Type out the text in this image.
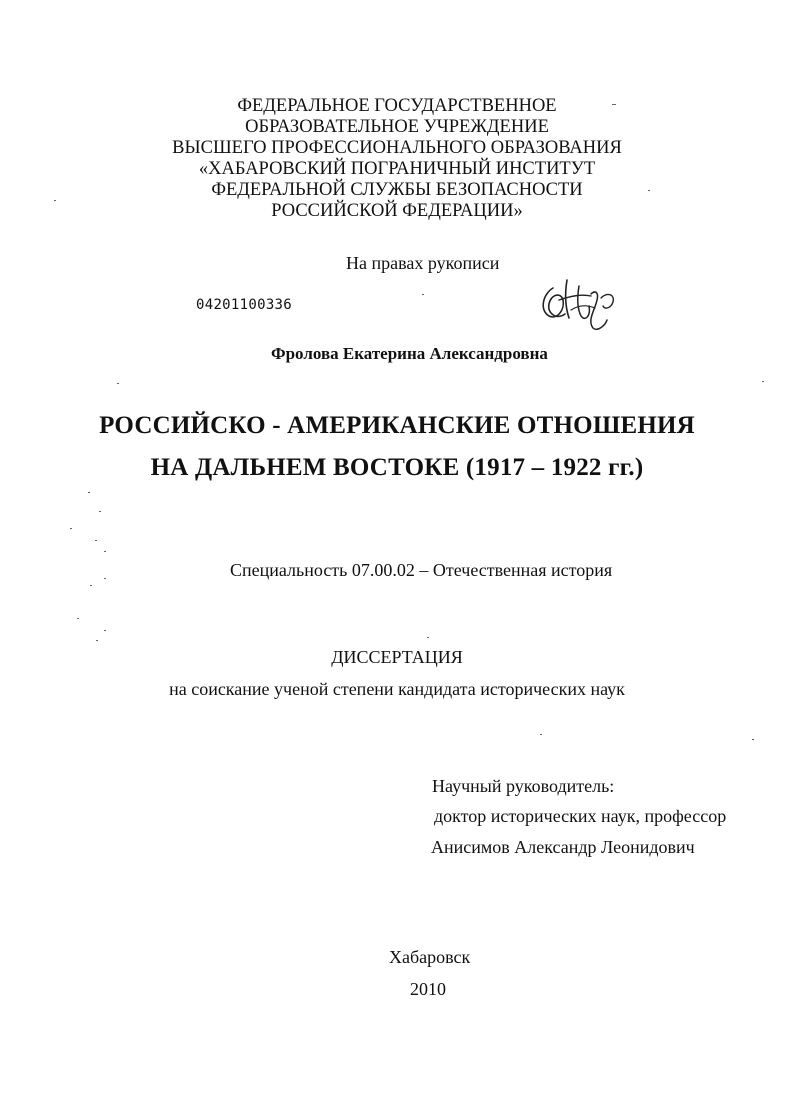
ФЕДЕРАЛЬНОЕ ГОСУДАРСТВЕННОЕ
ОБРАЗОВАТЕЛЬНОЕ УЧРЕЖДЕНИЕ
ВЫСШЕГО ПРОФЕССИОНАЛЬНОГО ОБРАЗОВАНИЯ
«ХАБАРОВСКИЙ ПОГРАНИЧНЫЙ ИНСТИТУТ
ФЕДЕРАЛЬНОЙ СЛУЖБЫ БЕЗОПАСНОСТИ
РОССИЙСКОЙ ФЕДЕРАЦИИ»
На правах рукописи
04201100336
Фролова Екатерина Александровна
РОССИЙСКО - АМЕРИКАНСКИЕ ОТНОШЕНИЯ
НА ДАЛЬНЕМ ВОСТОКЕ (1917 – 1922 гг.)
Специальность 07.00.02 – Отечественная история
ДИССЕРТАЦИЯ
на соискание ученой степени кандидата исторических наук
Научный руководитель:
доктор исторических наук, профессор
Анисимов Александр Леонидович
Хабаровск
2010
